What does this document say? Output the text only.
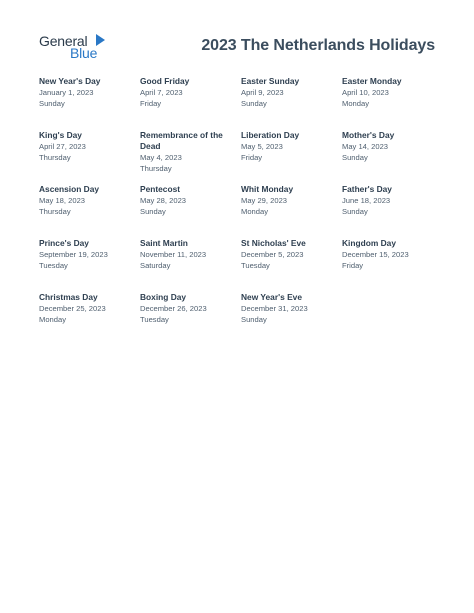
General
Blue	2023 The Netherlands Holidays
New Year's Day
January 1, 2023
Sunday
Good Friday
April 7, 2023
Friday
Easter Sunday
April 9, 2023
Sunday
Easter Monday
April 10, 2023
Monday
King's Day
April 27, 2023
Thursday
Remembrance of the Dead
May 4, 2023
Thursday
Liberation Day
May 5, 2023
Friday
Mother's Day
May 14, 2023
Sunday
Ascension Day
May 18, 2023
Thursday
Pentecost
May 28, 2023
Sunday
Whit Monday
May 29, 2023
Monday
Father's Day
June 18, 2023
Sunday
Prince's Day
September 19, 2023
Tuesday
Saint Martin
November 11, 2023
Saturday
St Nicholas' Eve
December 5, 2023
Tuesday
Kingdom Day
December 15, 2023
Friday
Christmas Day
December 25, 2023
Monday
Boxing Day
December 26, 2023
Tuesday
New Year's Eve
December 31, 2023
Sunday
